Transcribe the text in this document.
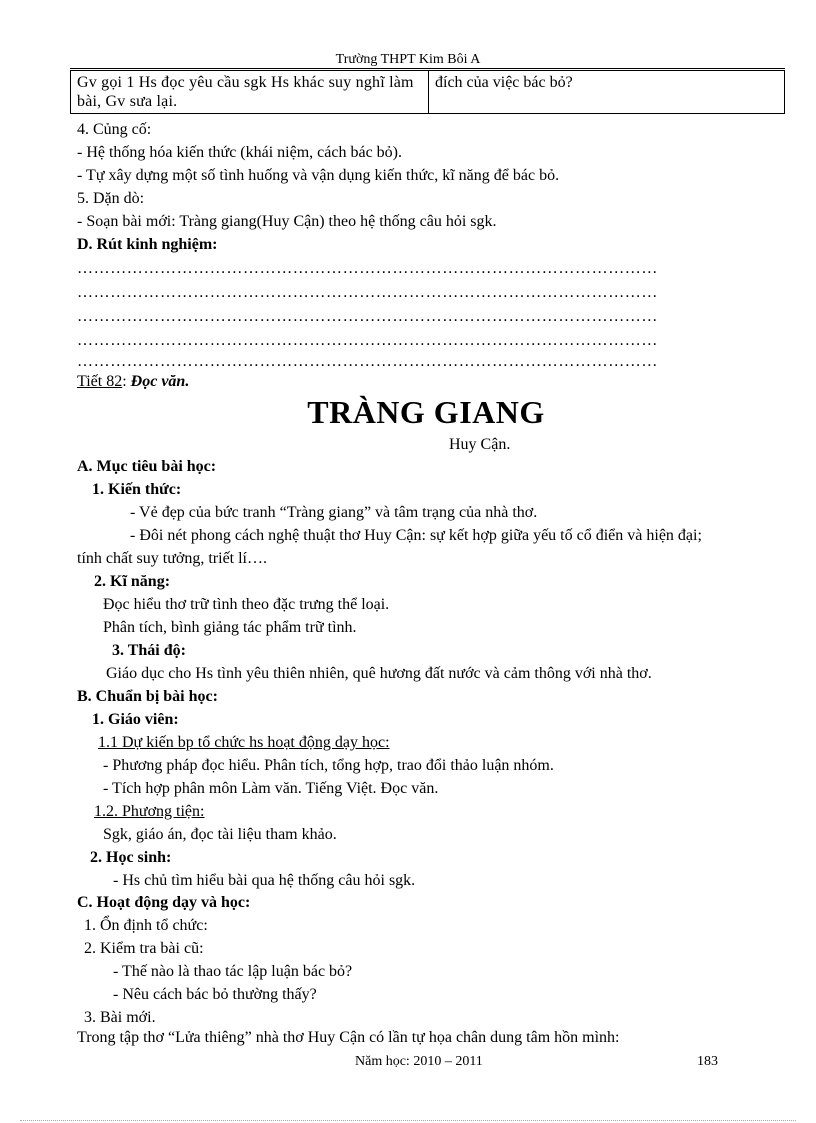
Trường THPT Kim Bôi A
Gv gọi 1 Hs đọc yêu cầu sgk Hs khác suy nghĩ làm bài, Gv sưa lại.	đích của việc bác bỏ?
4. Củng cố:
- Hệ thống hóa kiến thức (khái niệm, cách bác bỏ).
- Tự xây dựng một số tình huống và vận dụng kiến thức, kĩ năng để bác bỏ.
5. Dặn dò:
- Soạn bài mới: Tràng giang(Huy Cận) theo hệ thống câu hỏi sgk.
D. Rút kinh nghiệm:
……………………………………………………………………………………………
……………………………………………………………………………………………
……………………………………………………………………………………………
……………………………………………………………………………………………
……………………………………………………………………………………………
Tiết 82: Đọc văn.
TRÀNG GIANG
Huy Cận.
A. Mục tiêu bài học:
1. Kiến thức:
- Vẻ đẹp của bức tranh “Tràng giang” và tâm trạng của nhà thơ.
- Đôi nét phong cách nghệ thuật thơ Huy Cận: sự kết hợp giữa yếu tố cổ điển và hiện đại;
tính chất suy tưởng, triết lí….
2. Kĩ năng:
Đọc hiểu thơ trữ tình theo đặc trưng thể loại.
Phân tích, bình giảng tác phẩm trữ tình.
3. Thái độ:
Giáo dục cho Hs tình yêu thiên nhiên, quê hương đất nước và cảm thông với nhà thơ.
B. Chuẩn bị bài học:
1. Giáo viên:
1.1 Dự kiến bp tổ chức hs hoạt động dạy học:
- Phương pháp đọc hiểu. Phân tích, tổng hợp, trao đổi thảo luận nhóm.
- Tích hợp phân môn Làm văn. Tiếng Việt. Đọc văn.
1.2. Phương tiện:
Sgk, giáo án, đọc tài liệu tham khảo.
2. Học sinh:
- Hs chủ tìm hiểu bài qua hệ thống câu hỏi sgk.
C. Hoạt động dạy và học:
1. Ổn định tổ chức:
2. Kiểm tra bài cũ:
- Thế nào là thao tác lập luận bác bỏ?
- Nêu cách bác bỏ thường thấy?
3. Bài mới.
Trong tập thơ “Lửa thiêng” nhà thơ Huy Cận có lần tự họa chân dung tâm hồn mình:
Năm học: 2010 – 2011	183
